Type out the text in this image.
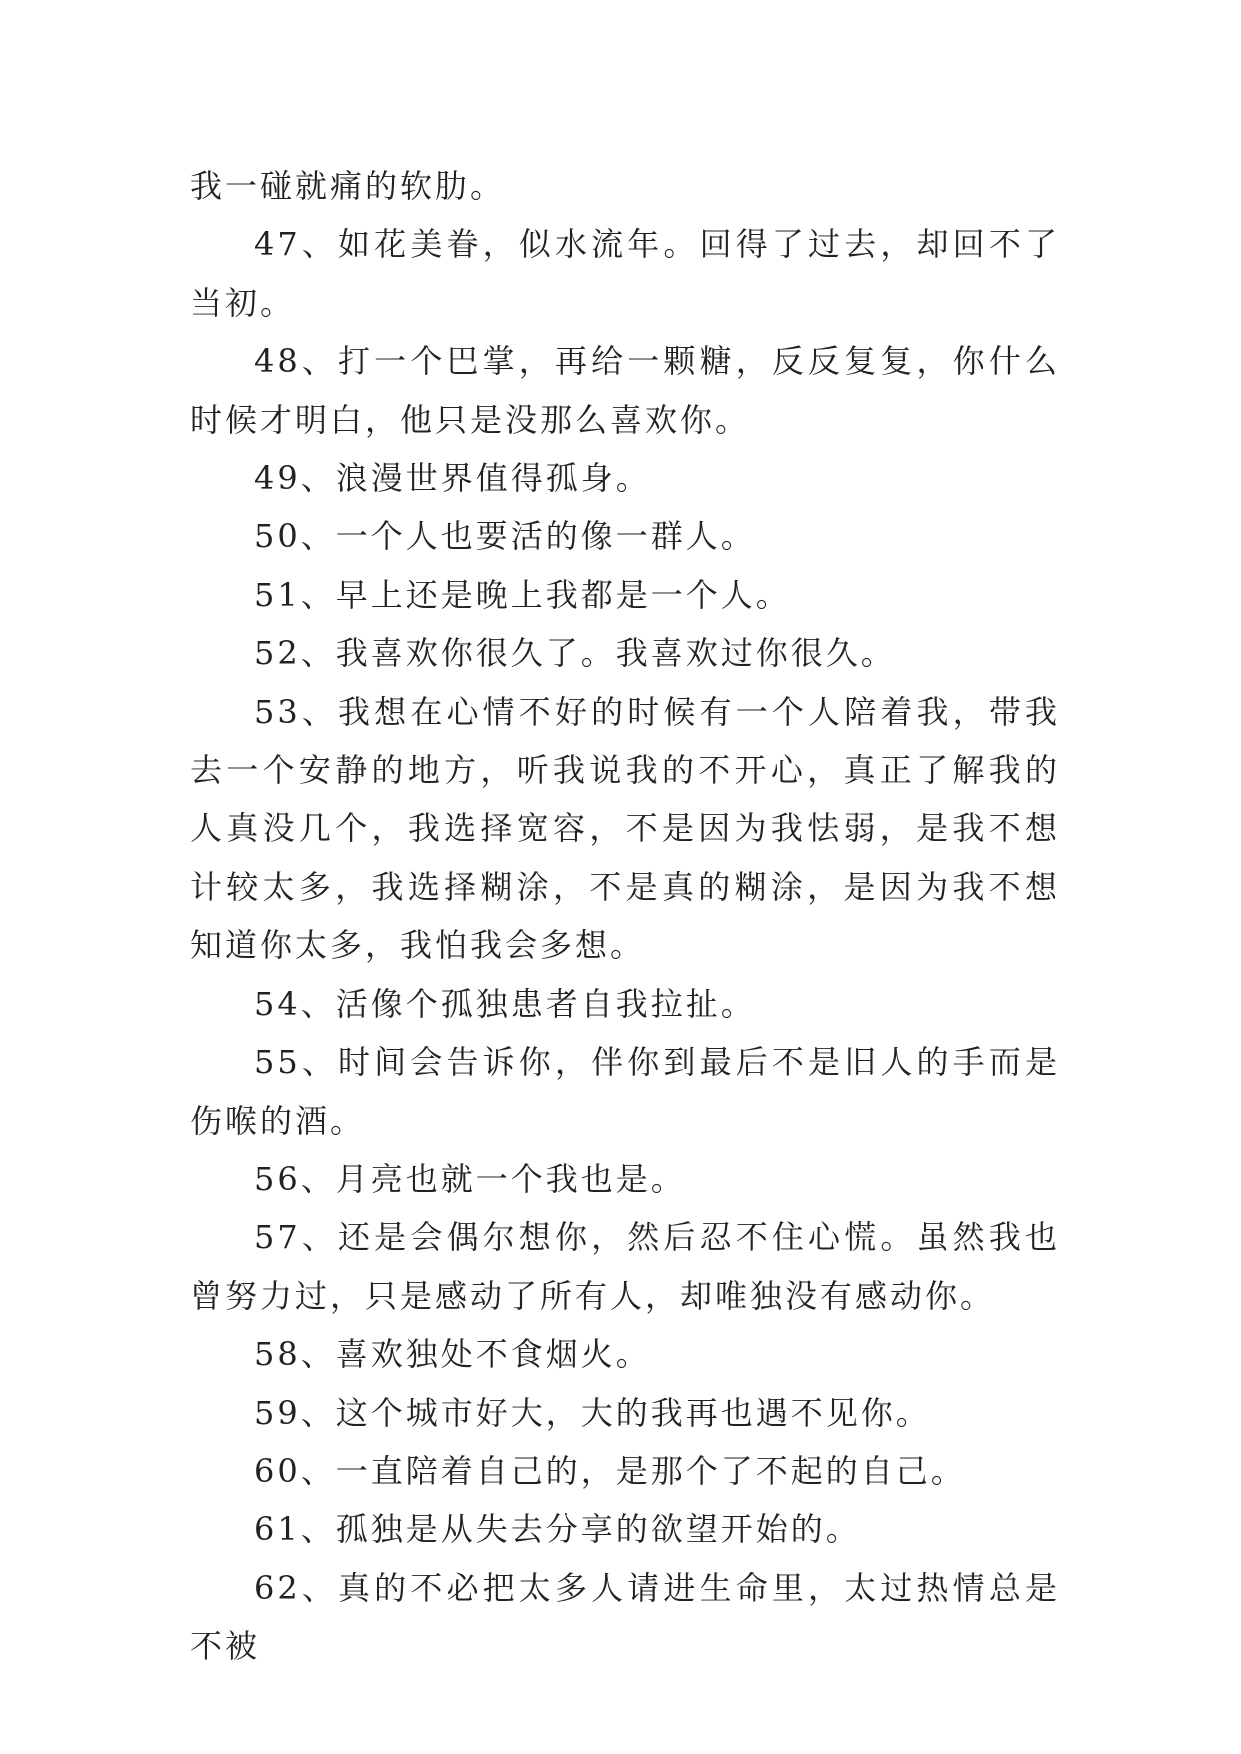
我一碰就痛的软肋。

47、如花美眷，似水流年。回得了过去，却回不了当初。

48、打一个巴掌，再给一颗糖，反反复复，你什么时候才明白，他只是没那么喜欢你。

49、浪漫世界值得孤身。

50、一个人也要活的像一群人。

51、早上还是晚上我都是一个人。

52、我喜欢你很久了。我喜欢过你很久。

53、我想在心情不好的时候有一个人陪着我，带我去一个安静的地方，听我说我的不开心，真正了解我的人真没几个，我选择宽容，不是因为我怯弱，是我不想计较太多，我选择糊涂，不是真的糊涂，是因为我不想知道你太多，我怕我会多想。

54、活像个孤独患者自我拉扯。

55、时间会告诉你，伴你到最后不是旧人的手而是伤喉的酒。

56、月亮也就一个我也是。

57、还是会偶尔想你，然后忍不住心慌。虽然我也曾努力过，只是感动了所有人，却唯独没有感动你。

58、喜欢独处不食烟火。

59、这个城市好大，大的我再也遇不见你。

60、一直陪着自己的，是那个了不起的自己。

61、孤独是从失去分享的欲望开始的。

62、真的不必把太多人请进生命里，太过热情总是不被
